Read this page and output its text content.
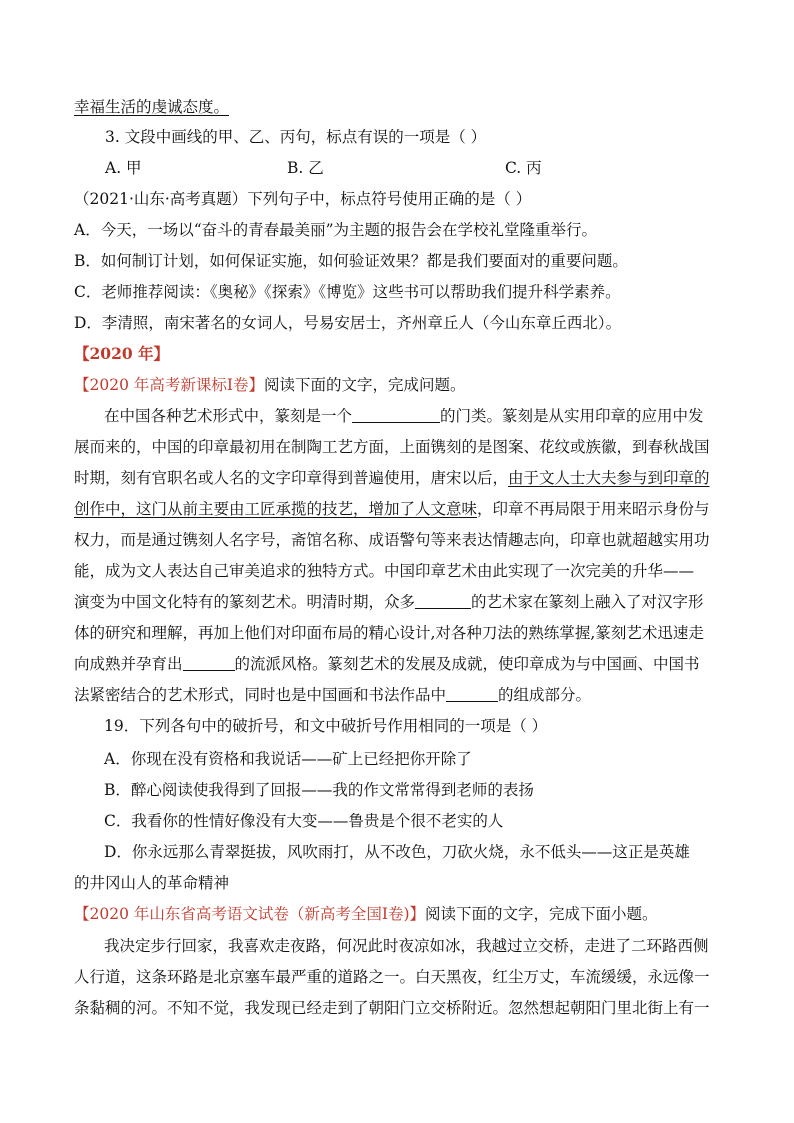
幸福生活的虔诚态度。
3. 文段中画线的甲、乙、丙句，标点有误的一项是（ ）
A. 甲	B. 乙	C. 丙
（2021·山东·高考真题）下列句子中，标点符号使用正确的是（ ）
A．今天，一场以“奋斗的青春最美丽”为主题的报告会在学校礼堂隆重举行。
B．如何制订计划，如何保证实施，如何验证效果？都是我们要面对的重要问题。
C．老师推荐阅读：《奥秘》《探索》《博览》这些书可以帮助我们提升科学素养。
D．李清照，南宋著名的女词人，号易安居士，齐州章丘人（今山东章丘西北）。
【2020 年】
【2020 年高考新课标Ⅰ卷】阅读下面的文字，完成问题。
在中国各种艺术形式中，篆刻是一个	的门类。篆刻是从实用印章的应用中发
展而来的，中国的印章最初用在制陶工艺方面，上面镌刻的是图案、花纹或族徽，到春秋战国
时期，刻有官职名或人名的文字印章得到普遍使用，唐宋以后，由于文人士大夫参与到印章的
创作中，这门从前主要由工匠承揽的技艺，增加了人文意味，印章不再局限于用来昭示身份与
权力，而是通过镌刻人名字号，斋馆名称、成语警句等来表达情趣志向，印章也就超越实用功
能，成为文人表达自己审美追求的独特方式。中国印章艺术由此实现了一次完美的升华——
演变为中国文化特有的篆刻艺术。明清时期，众多	的艺术家在篆刻上融入了对汉字形
体的研究和理解，再加上他们对印面布局的精心设计,对各种刀法的熟练掌握,篆刻艺术迅速走
向成熟并孕育出	的流派风格。篆刻艺术的发展及成就，使印章成为与中国画、中国书
法紧密结合的艺术形式，同时也是中国画和书法作品中	的组成部分。
19．下列各句中的破折号，和文中破折号作用相同的一项是（ ）
A．你现在没有资格和我说话——矿上已经把你开除了
B．醉心阅读使我得到了回报——我的作文常常得到老师的表扬
C．我看你的性情好像没有大变——鲁贵是个很不老实的人
D．你永远那么青翠挺拔，风吹雨打，从不改色，刀砍火烧，永不低头——这正是英雄
的井冈山人的革命精神
【2020 年山东省高考语文试卷（新高考全国Ⅰ卷)】阅读下面的文字，完成下面小题。
我决定步行回家，我喜欢走夜路，何况此时夜凉如冰，我越过立交桥，走进了二环路西侧
人行道，这条环路是北京塞车最严重的道路之一。白天黑夜，红尘万丈，车流缓缓，永远像一
条黏稠的河。不知不觉，我发现已经走到了朝阳门立交桥附近。忽然想起朝阳门里北街上有一
